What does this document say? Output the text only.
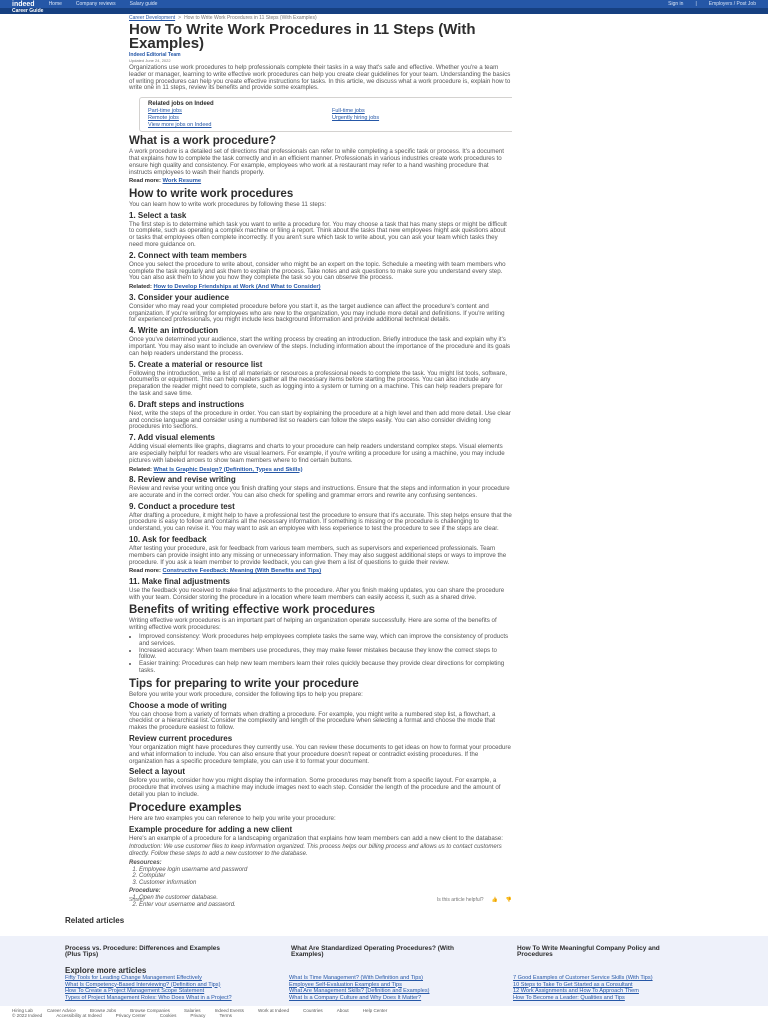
indeed	Home	Company reviews	Salary guide	Sign in | Employers / Post Job
Career Guide
Career Development > How to Write Work Procedures in 11 Steps (With Examples)
How To Write Work Procedures in 11 Steps (With Examples)
Indeed Editorial Team
Updated June 24, 2022
Organizations use work procedures to help professionals complete their tasks in a way that's safe and effective. Whether you're a team leader or manager, learning to write effective work procedures can help you create clear guidelines for your team. Understanding the basics of writing procedures can help you create effective instructions for tasks. In this article, we discuss what a work procedure is, explain how to write one in 11 steps, review its benefits and provide some examples.
Related jobs on Indeed
Part-time jobs	Full-time jobs
Remote jobs	Urgently hiring jobs
View more jobs on Indeed
What is a work procedure?
A work procedure is a detailed set of directions that professionals can refer to while completing a specific task or process. It's a document that explains how to complete the task correctly and in an efficient manner. Professionals in various industries create work procedures to ensure high quality and consistency. For example, employees who work at a restaurant may refer to a hand washing procedure that instructs employees to wash their hands properly.
Read more: Work Resume
How to write work procedures
You can learn how to write work procedures by following these 11 steps:
1. Select a task
The first step is to determine which task you want to write a procedure for. You may choose a task that has many steps or might be difficult to complete, such as operating a complex machine or filing a report. Think about the tasks that new employees might ask questions about or tasks that employees often complete incorrectly. If you aren't sure which task to write about, you can ask your team which tasks they need more guidance on.
2. Connect with team members
Once you select the procedure to write about, consider who might be an expert on the topic. Schedule a meeting with team members who complete the task regularly and ask them to explain the process. Take notes and ask questions to make sure you understand every step. You can also ask them to show you how they complete the task so you can observe the process.
Related: How to Develop Friendships at Work (And What to Consider)
3. Consider your audience
Consider who may read your completed procedure before you start it, as the target audience can affect the procedure's content and organization. If you're writing for employees who are new to the organization, you may include more detail and definitions. If you're writing for experienced professionals, you might include less background information and provide additional technical details.
4. Write an introduction
Once you've determined your audience, start the writing process by creating an introduction. Briefly introduce the task and explain why it's important. You may also want to include an overview of the steps. Including information about the importance of the procedure and its goals can help readers understand the process.
5. Create a material or resource list
Following the introduction, write a list of all materials or resources a professional needs to complete the task. You might list tools, software, documents or equipment. This can help readers gather all the necessary items before starting the process. You can also include any preparation the reader might need to complete, such as logging into a system or turning on a machine. This can help readers prepare for the task and save time.
6. Draft steps and instructions
Next, write the steps of the procedure in order. You can start by explaining the procedure at a high level and then add more detail. Use clear and concise language and consider using a numbered list so readers can follow the steps easily. You can also consider dividing long procedures into sections.
7. Add visual elements
Adding visual elements like graphs, diagrams and charts to your procedure can help readers understand complex steps. Visual elements are especially helpful for readers who are visual learners. For example, if you're writing a procedure for using a machine, you may include pictures with labeled arrows to show team members where to find certain buttons.
Related: What Is Graphic Design? (Definition, Types and Skills)
8. Review and revise writing
Review and revise your writing once you finish drafting your steps and instructions. Ensure that the steps and information in your procedure are accurate and in the correct order. You can also check for spelling and grammar errors and rewrite any confusing sentences.
9. Conduct a procedure test
After drafting a procedure, it might help to have a professional test the procedure to ensure that it's accurate. This step helps ensure that the procedure is easy to follow and contains all the necessary information. If something is missing or the procedure is challenging to understand, you can revise it. You may want to ask an employee with less experience to test the procedure to see if the steps are clear.
10. Ask for feedback
After testing your procedure, ask for feedback from various team members, such as supervisors and experienced professionals. Team members can provide insight into any missing or unnecessary information. They may also suggest additional steps or ways to improve the procedure. If you ask a team member to provide feedback, you can give them a list of questions to guide their review.
Read more: Constructive Feedback: Meaning (With Benefits and Tips)
11. Make final adjustments
Use the feedback you received to make final adjustments to the procedure. After you finish making updates, you can share the procedure with your team. Consider storing the procedure in a location where team members can easily access it, such as a shared drive.
Benefits of writing effective work procedures
Writing effective work procedures is an important part of helping an organization operate successfully. Here are some of the benefits of writing effective work procedures:
• Improved consistency: Work procedures help employees complete tasks the same way, which can improve the consistency of products and services.
• Increased accuracy: When team members use procedures, they may make fewer mistakes because they know the correct steps to follow.
• Easier training: Procedures can help new team members learn their roles quickly because they provide clear directions for completing tasks.
Tips for preparing to write your procedure
Before you write your work procedure, consider the following tips to help you prepare:
Choose a mode of writing
You can choose from a variety of formats when drafting a procedure. For example, you might write a numbered step list, a flowchart, a checklist or a hierarchical list. Consider the complexity and length of the procedure when selecting a format and choose the mode that makes the procedure easiest to follow.
Review current procedures
Your organization might have procedures they currently use. You can review these documents to get ideas on how to format your procedure and what information to include. You can also ensure that your procedure doesn't repeat or contradict existing procedures. If the organization has a specific procedure template, you can use it to format your document.
Select a layout
Before you write, consider how you might display the information. Some procedures may benefit from a specific layout. For example, a procedure that involves using a machine may include images next to each step. Consider the length of the procedure and the amount of detail you plan to include.
Procedure examples
Here are two examples you can reference to help you write your procedure:
Example procedure for adding a new client
Here's an example of a procedure for a landscaping organization that explains how team members can add a new client to the database:
Introduction: We use customer files to keep information organized. This process helps our billing process and allows us to contact customers directly. Follow these steps to add a new customer to the database.
Resources:
1. Employee login username and password
2. Computer
3. Customer information
Procedure:
1. Open the customer database.
2. Enter your username and password.
Share:	Is this article helpful? 👍 👎
Related articles
Process vs. Procedure: Differences and Examples (Plus Tips)
What Are Standardized Operating Procedures? (With Examples)
How To Write Meaningful Company Policy and Procedures
Explore more articles
Fifty Tools for Leading Change Management Effectively
What Is Competency-Based Interviewing? (Definition and Tips)
How To Create a Project Management Scope Statement
Types of Project Management Roles: Who Does What in a Project?
What Is Time Management? (With Definition and Tips)
Employee Self-Evaluation Examples and Tips
What Are Management Skills? (Definition and Examples)
What Is a Company Culture and Why Does It Matter?
7 Good Examples of Customer Service Skills (With Tips)
10 Steps to Take To Get Started as a Consultant
12 Work Assignments and How To Approach Them
How To Become a Leader: Qualities and Tips
Hiring Lab	Career Advice	Browse Jobs	Browse Companies	Salaries	Indeed Events	Work at Indeed	Countries	About	Help Center
© 2022 Indeed	Accessibility at Indeed	Privacy Center	Cookies	Privacy	Terms
